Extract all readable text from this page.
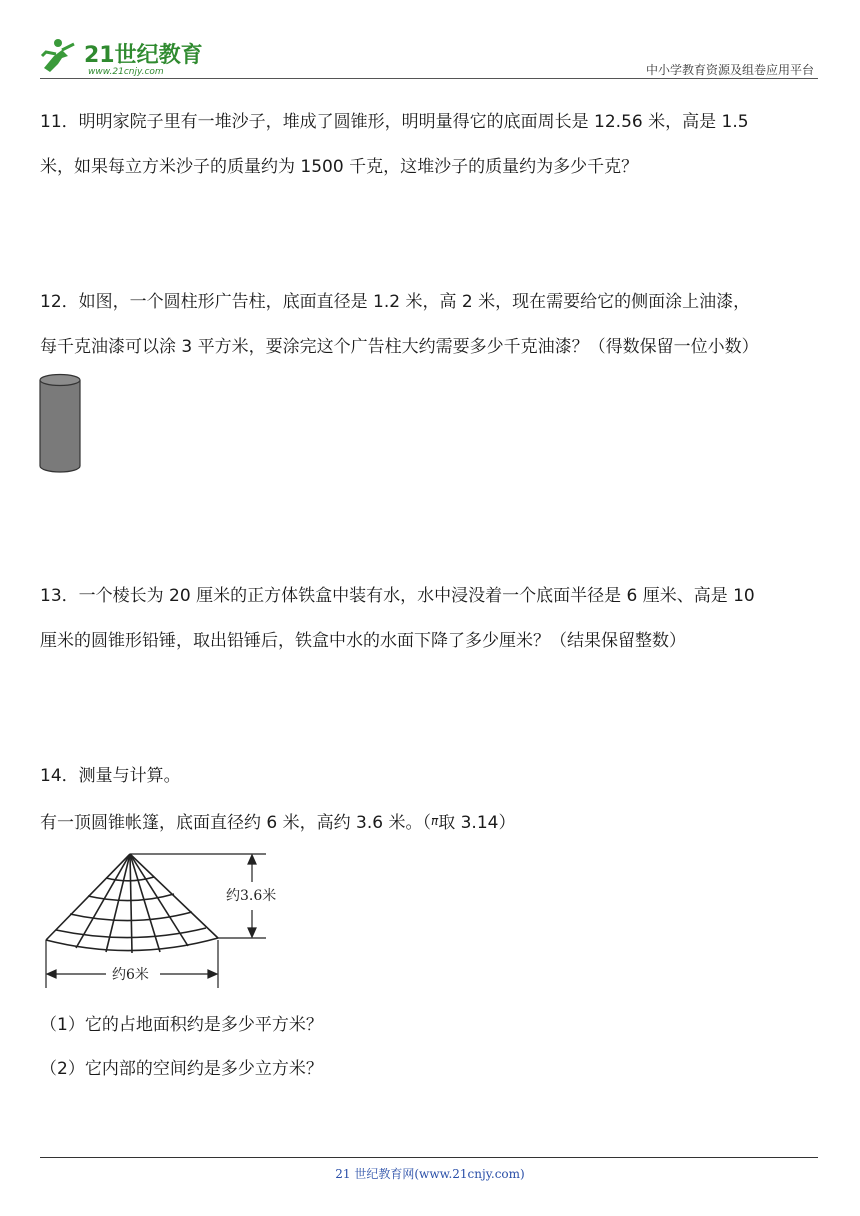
21世纪教育
www.21cnjy.com	中小学教育资源及组卷应用平台
11．明明家院子里有一堆沙子，堆成了圆锥形，明明量得它的底面周长是 12.56 米，高是 1.5
米，如果每立方米沙子的质量约为 1500 千克，这堆沙子的质量约为多少千克？
12．如图，一个圆柱形广告柱，底面直径是 1.2 米，高 2 米，现在需要给它的侧面涂上油漆，
每千克油漆可以涂 3 平方米，要涂完这个广告柱大约需要多少千克油漆？（得数保留一位小数）
13．一个棱长为 20 厘米的正方体铁盒中装有水，水中浸没着一个底面半径是 6 厘米、高是 10
厘米的圆锥形铅锤，取出铅锤后，铁盒中水的水面下降了多少厘米？（结果保留整数）
14．测量与计算。
有一顶圆锥帐篷，底面直径约 6 米，高约 3.6 米。（π取 3.14）
约3.6米
约6米
（1）它的占地面积约是多少平方米？
（2）它内部的空间约是多少立方米？
21 世纪教育网(www.21cnjy.com)
